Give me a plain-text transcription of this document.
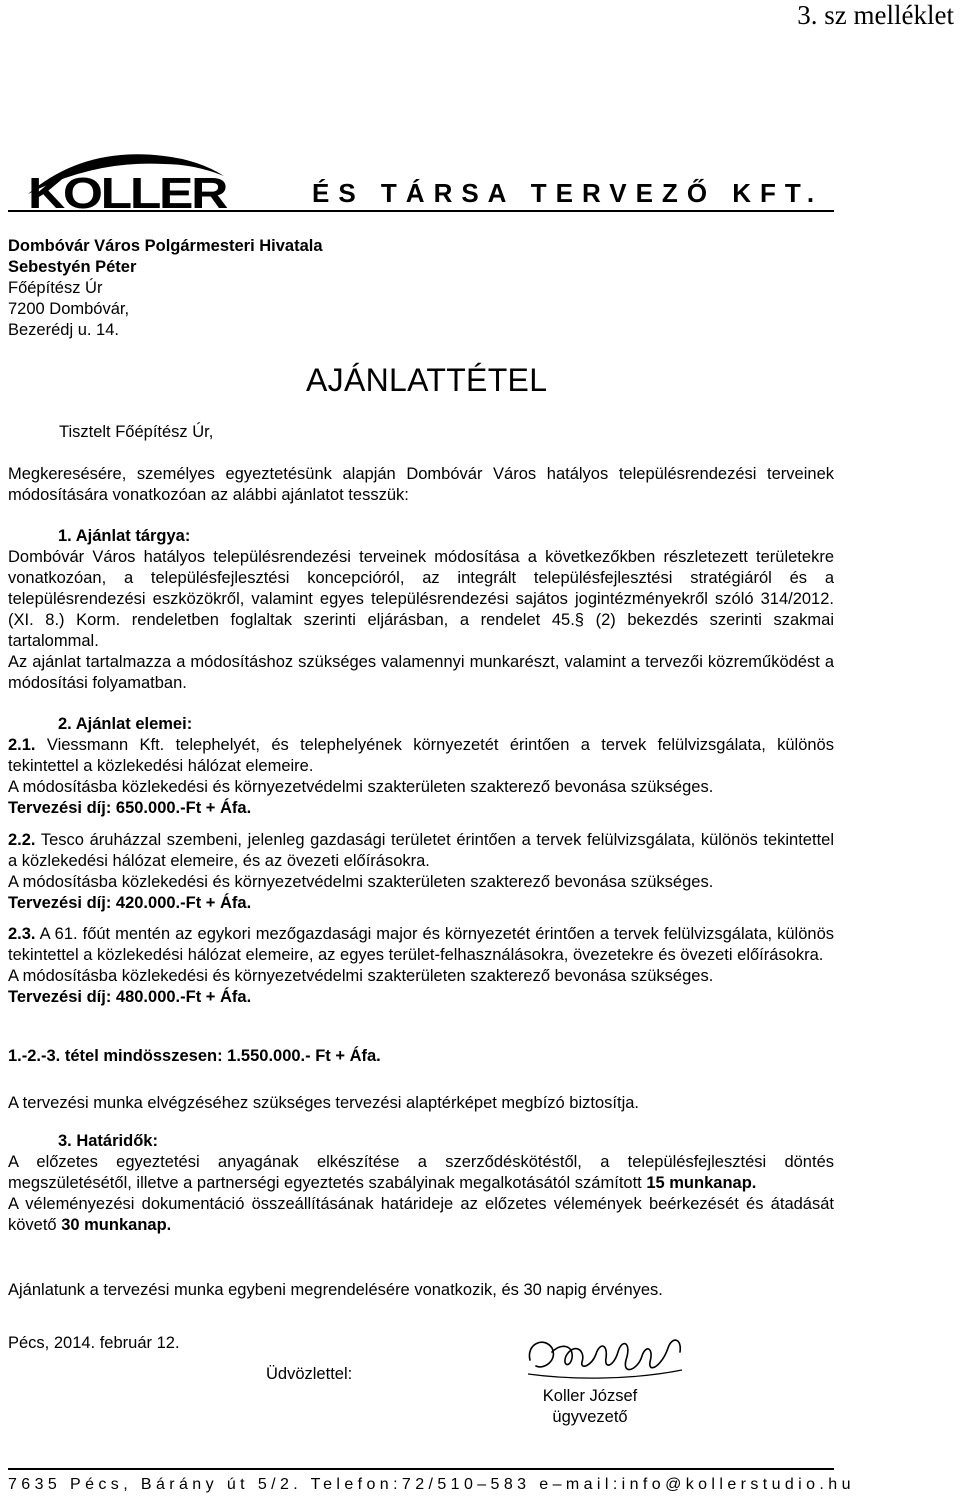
3. sz melléklet
KOLLER	ÉS TÁRSA TERVEZŐ KFT.
Dombóvár Város Polgármesteri Hivatala
Sebestyén Péter
Főépítész Úr
7200 Dombóvár,
Bezerédj u. 14.
AJÁNLATTÉTEL
Tisztelt Főépítész Úr,

Megkeresésére, személyes egyeztetésünk alapján Dombóvár Város hatályos településrendezési terveinek módosítására vonatkozóan az alábbi ajánlatot tesszük:

1. Ajánlat tárgya:

Dombóvár Város hatályos településrendezési terveinek módosítása a következőkben részletezett területekre vonatkozóan, a településfejlesztési koncepcióról, az integrált településfejlesztési stratégiáról és a településrendezési eszközökről, valamint egyes településrendezési sajátos jogintézményekről szóló 314/2012. (XI. 8.) Korm. rendeletben foglaltak szerinti eljárásban, a rendelet 45.§ (2) bekezdés szerinti szakmai tartalommal.

Az ajánlat tartalmazza a módosításhoz szükséges valamennyi munkarészt, valamint a tervezői közreműködést a módosítási folyamatban.

2. Ajánlat elemei:

2.1. Viessmann Kft. telephelyét, és telephelyének környezetét érintően a tervek felülvizsgálata, különös tekintettel a közlekedési hálózat elemeire.

A módosításba közlekedési és környezetvédelmi szakterületen szakterező bevonása szükséges.

Tervezési díj: 650.000.-Ft + Áfa.

2.2. Tesco áruházzal szembeni, jelenleg gazdasági területet érintően a tervek felülvizsgálata, különös tekintettel a közlekedési hálózat elemeire, és az övezeti előírásokra.

A módosításba közlekedési és környezetvédelmi szakterületen szakterező bevonása szükséges.

Tervezési díj: 420.000.-Ft + Áfa.

2.3. A 61. főút mentén az egykori mezőgazdasági major és környezetét érintően a tervek felülvizsgálata, különös tekintettel a közlekedési hálózat elemeire, az egyes terület-felhasználásokra, övezetekre és övezeti előírásokra.

A módosításba közlekedési és környezetvédelmi szakterületen szakterező bevonása szükséges.

Tervezési díj: 480.000.-Ft + Áfa.

1.-2.-3. tétel mindösszesen: 1.550.000.- Ft + Áfa.
A tervezési munka elvégzéséhez szükséges tervezési alaptérképet megbízó biztosítja.

3. Határidők:

A előzetes egyeztetési anyagának elkészítése a szerződéskötéstől, a településfejlesztési döntés megszületésétől, illetve a partnerségi egyeztetés szabályinak megalkotásától számított 15 munkanap.

A véleményezési dokumentáció összeállításának határideje az előzetes vélemények beérkezését és átadását követő 30 munkanap.

Ajánlatunk a tervezési munka egybeni megrendelésére vonatkozik, és 30 napig érvényes.
Pécs, 2014. február 12.
Üdvözlettel:
Koller József
ügyvezető
7635 Pécs, Bárány út 5/2. Telefon:72/510–583 e–mail:info@kollerstudio.hu
